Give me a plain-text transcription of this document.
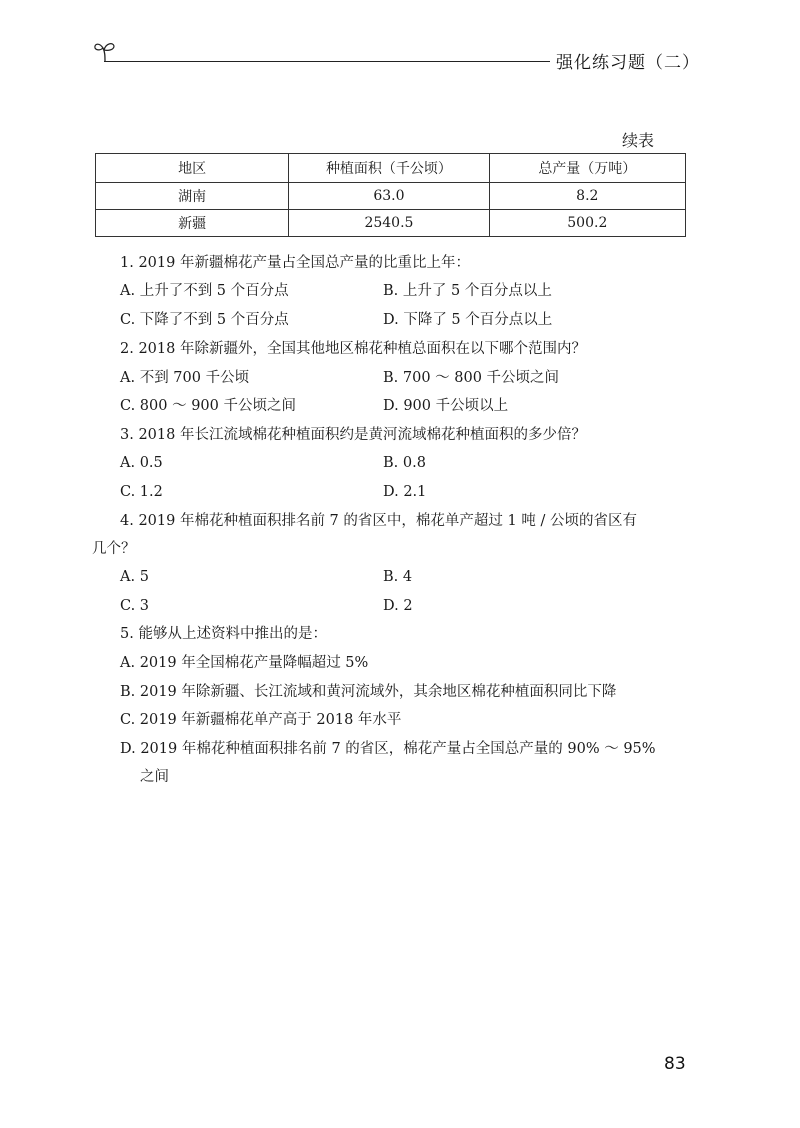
强化练习题（二）
续表
地区	种植面积（千公顷）	总产量（万吨）
湖南	63.0	8.2
新疆	2540.5	500.2
1. 2019 年新疆棉花产量占全国总产量的比重比上年：
A. 上升了不到 5 个百分点	B. 上升了 5 个百分点以上
C. 下降了不到 5 个百分点	D. 下降了 5 个百分点以上
2. 2018 年除新疆外，全国其他地区棉花种植总面积在以下哪个范围内？
A. 不到 700 千公顷	B. 700 ～ 800 千公顷之间
C. 800 ～ 900 千公顷之间	D. 900 千公顷以上
3. 2018 年长江流域棉花种植面积约是黄河流域棉花种植面积的多少倍？
A. 0.5	B. 0.8
C. 1.2	D. 2.1
4. 2019 年棉花种植面积排名前 7 的省区中，棉花单产超过 1 吨 / 公顷的省区有
几个？
A. 5	B. 4
C. 3	D. 2
5. 能够从上述资料中推出的是：
A. 2019 年全国棉花产量降幅超过 5%
B. 2019 年除新疆、长江流域和黄河流域外，其余地区棉花种植面积同比下降
C. 2019 年新疆棉花单产高于 2018 年水平
D. 2019 年棉花种植面积排名前 7 的省区，棉花产量占全国总产量的 90% ～ 95%
之间
83
